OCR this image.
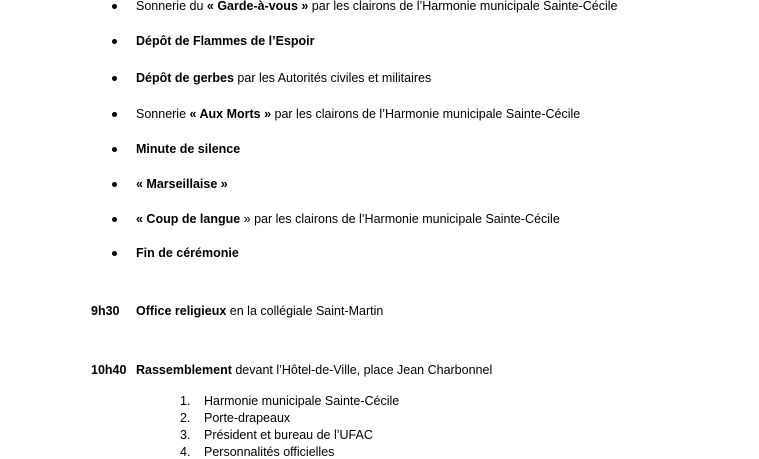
Sonnerie du « Garde-à-vous » par les clairons de l’Harmonie municipale Sainte-Cécile
Dépôt de Flammes de l’Espoir
Dépôt de gerbes par les Autorités civiles et militaires
Sonnerie « Aux Morts » par les clairons de l’Harmonie municipale Sainte-Cécile
Minute de silence
« Marseillaise »
« Coup de langue » par les clairons de l’Harmonie municipale Sainte-Cécile
Fin de cérémonie
9h30 Office religieux en la collégiale Saint-Martin
10h40 Rassemblement devant l’Hôtel-de-Ville, place Jean Charbonnel
1. Harmonie municipale Sainte-Cécile
2. Porte-drapeaux
3. Président et bureau de l’UFAC
4. Personnalités officielles
